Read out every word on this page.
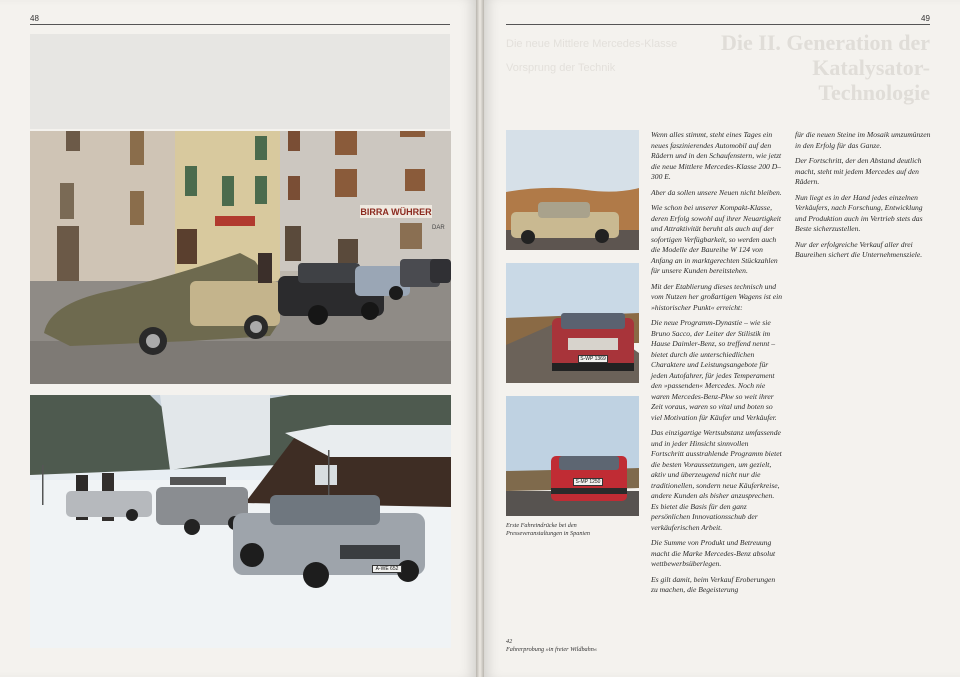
48
BIRRA WÜHRER
DAR
A-WE 652
49
Die II. Generation der Katalysator-Technologie
Die neue Mittlere Mercedes-Klasse
Vorsprung der Technik
S-WP 1369
S-MP 1250
Erste Fahreindrücke bei den Presseveranstaltungen in Spanien
42
Fahrerprobung »in freier Wildbahn«

Wenn alles stimmt, steht eines Tages ein neues faszinierendes Automobil auf den Rädern und in den Schaufenstern, wie jetzt die neue Mittlere Mercedes-Klasse 200 D–300 E.

Aber da sollen unsere Neuen nicht bleiben.

Wie schon bei unserer Kompakt-Klasse, deren Erfolg sowohl auf ihrer Neuartigkeit und Attraktivität beruht als auch auf der sofortigen Verfügbarkeit, so werden auch die Modelle der Baureihe W 124 von Anfang an in marktgerechten Stückzahlen für unsere Kunden bereitstehen.

Mit der Etablierung dieses technisch und vom Nutzen her großartigen Wagens ist ein »historischer Punkt« erreicht:

Die neue Programm-Dynastie – wie sie Bruno Sacco, der Leiter der Stilistik im Hause Daimler-Benz, so treffend nennt – bietet durch die unterschiedlichen Charaktere und Leistungsangebote für jeden Autofahrer, für jedes Temperament den »passenden« Mercedes. Noch nie waren Mercedes-Benz-Pkw so weit ihrer Zeit voraus, waren so vital und boten so viel Motivation für Käufer und Verkäufer.

Das einzigartige Wertsubstanz umfassende und in jeder Hinsicht sinnvollen Fortschritt ausstrahlende Programm bietet die besten Voraussetzungen, um gezielt, aktiv und überzeugend nicht nur die traditionellen, sondern neue Käuferkreise, andere Kunden als bisher anzusprechen. Es bietet die Basis für den ganz persönlichen Innovationsschub der verkäuferischen Arbeit.

Die Summe von Produkt und Betreuung macht die Marke Mercedes-Benz absolut wettbewerbsüberlegen.

Es gilt damit, beim Verkauf Eroberungen zu machen, die Begeisterung

für die neuen Steine im Mosaik umzumünzen in den Erfolg für das Ganze.

Der Fortschritt, der den Abstand deutlich macht, steht mit jedem Mercedes auf den Rädern.

Nun liegt es in der Hand jedes einzelnen Verkäufers, nach Forschung, Entwicklung und Produktion auch im Vertrieb stets das Beste sicherzustellen.

Nur der erfolgreiche Verkauf aller drei Baureihen sichert die Unternehmensziele.
